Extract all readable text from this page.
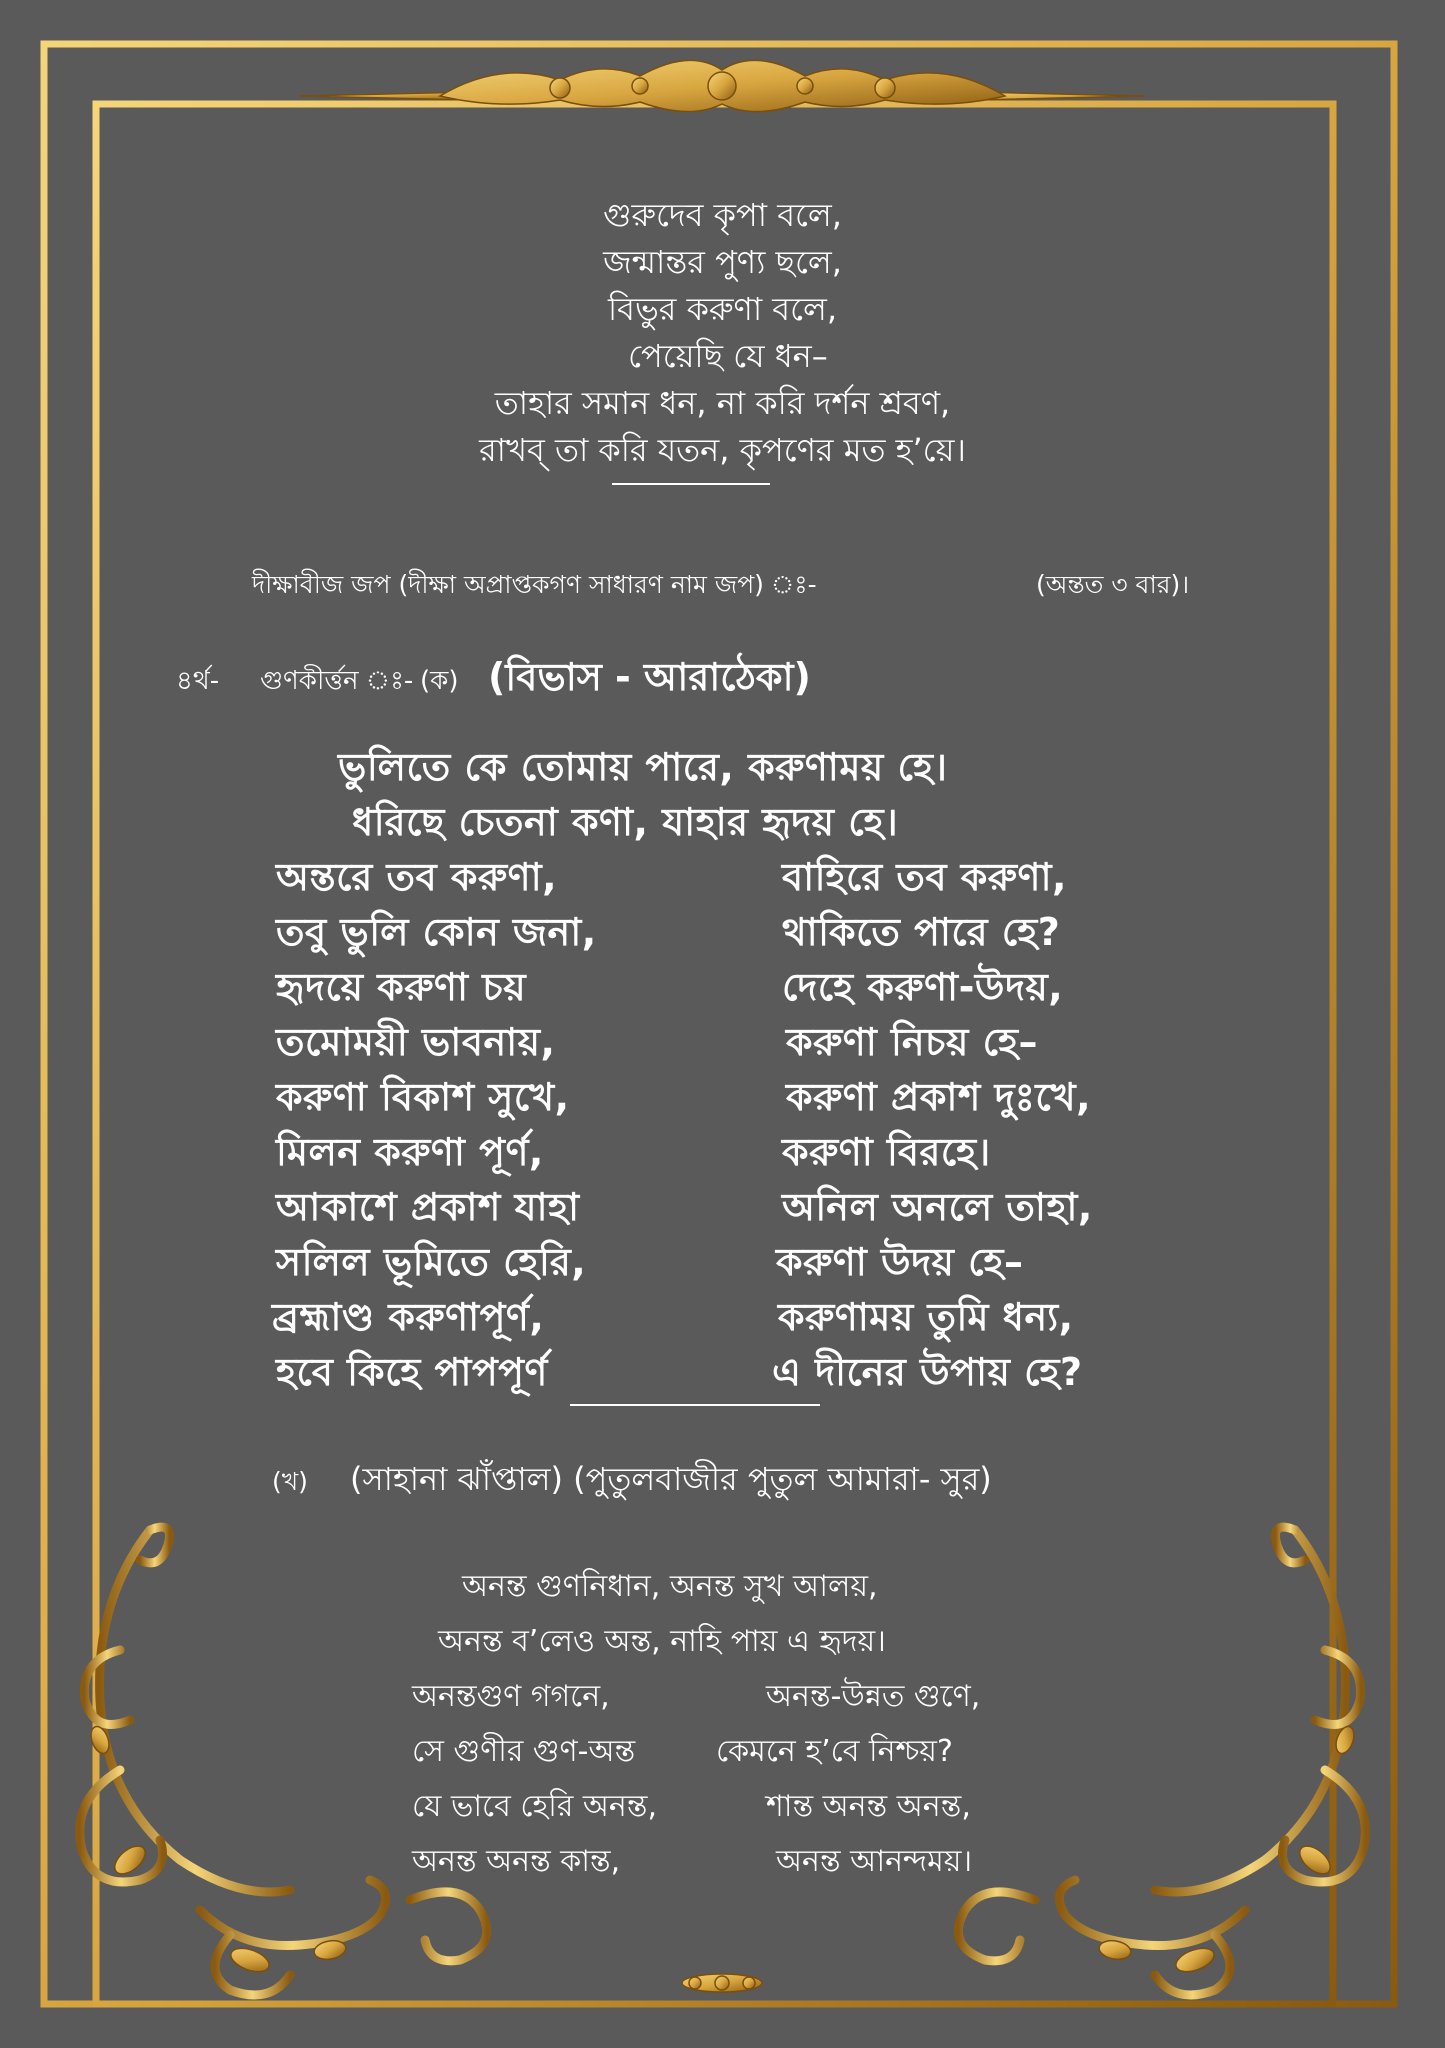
গুরুদেব কৃপা বলে,
জন্মান্তর পুণ্য ছলে,
বিভুর করুণা বলে,
পেয়েছি যে ধন–
তাহার সমান ধন, না করি দর্শন শ্রবণ,
রাখব্ তা করি যতন, কৃপণের মত হ’য়ে।
দীক্ষাবীজ জপ (দীক্ষা অপ্রাপ্তকগণ সাধারণ নাম জপ) ঃ-	(অন্তত ৩ বার)।
৪র্থ- গুণকীর্ত্তন ঃ- (ক) (বিভাস - আরাঠেকা)
ভুলিতে কে তোমায় পারে, করুণাময় হে।
ধরিছে চেতনা কণা, যাহার হৃদয় হে।
অন্তরে তব করুণা,	বাহিরে তব করুণা,
তবু ভুলি কোন জনা,	থাকিতে পারে হে?
হৃদয়ে করুণা চয়	দেহে করুণা-উদয়,
তমোময়ী ভাবনায়,	করুণা নিচয় হে–
করুণা বিকাশ সুখে,	করুণা প্রকাশ দুঃখে,
মিলন করুণা পূর্ণ,	করুণা বিরহে।
আকাশে প্রকাশ যাহা	অনিল অনলে তাহা,
সলিল ভূমিতে হেরি,	করুণা উদয় হে–
ব্রহ্মাণ্ড করুণাপূর্ণ,	করুণাময় তুমি ধন্য,
হবে কিহে পাপপূর্ণ	এ দীনের উপায় হে?
(খ) (সাহানা ঝাঁপ্তাল) (পুতুলবাজীর পুতুল আমারা- সুর)
অনন্ত গুণনিধান, অনন্ত সুখ আলয়,
অনন্ত ব’লেও অন্ত, নাহি পায় এ হৃদয়।
অনন্তগুণ গগনে,	অনন্ত-উন্নত গুণে,
সে গুণীর গুণ-অন্ত	কেমনে হ’বে নিশ্চয়?
যে ভাবে হেরি অনন্ত,	শান্ত অনন্ত অনন্ত,
অনন্ত অনন্ত কান্ত,	অনন্ত আনন্দময়।
